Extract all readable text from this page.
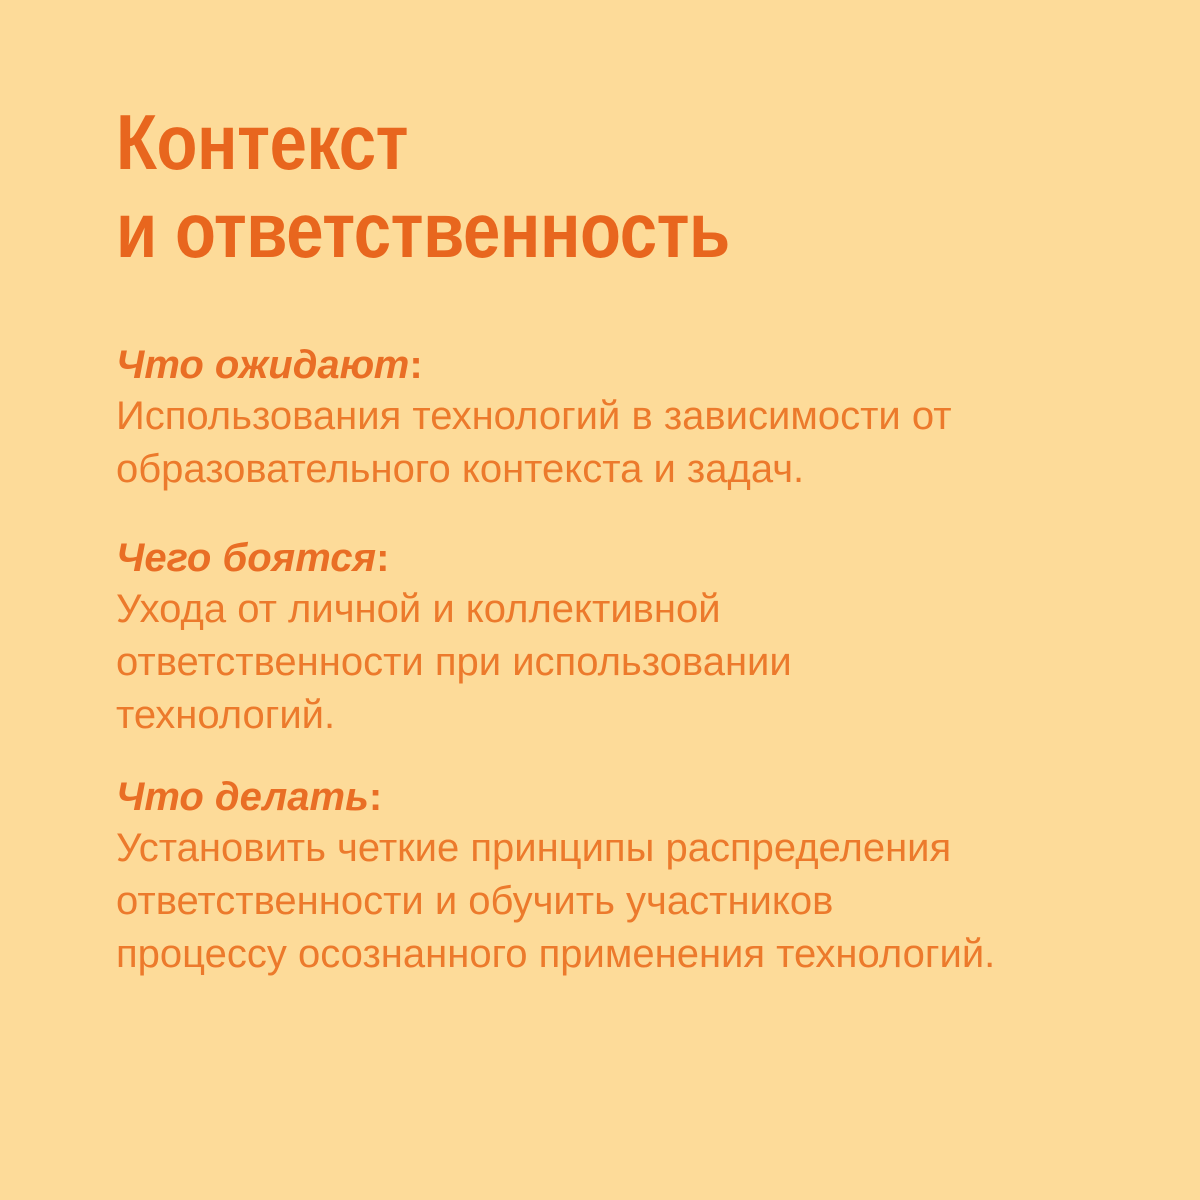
Контекст
и ответственность

Что ожидают:

Использования технологий в зависимости от
образовательного контекста и задач.

Чего боятся:

Ухода от личной и коллективной
ответственности при использовании
технологий.

Что делать:

Установить четкие принципы распределения
ответственности и обучить участников
процессу осознанного применения технологий.
